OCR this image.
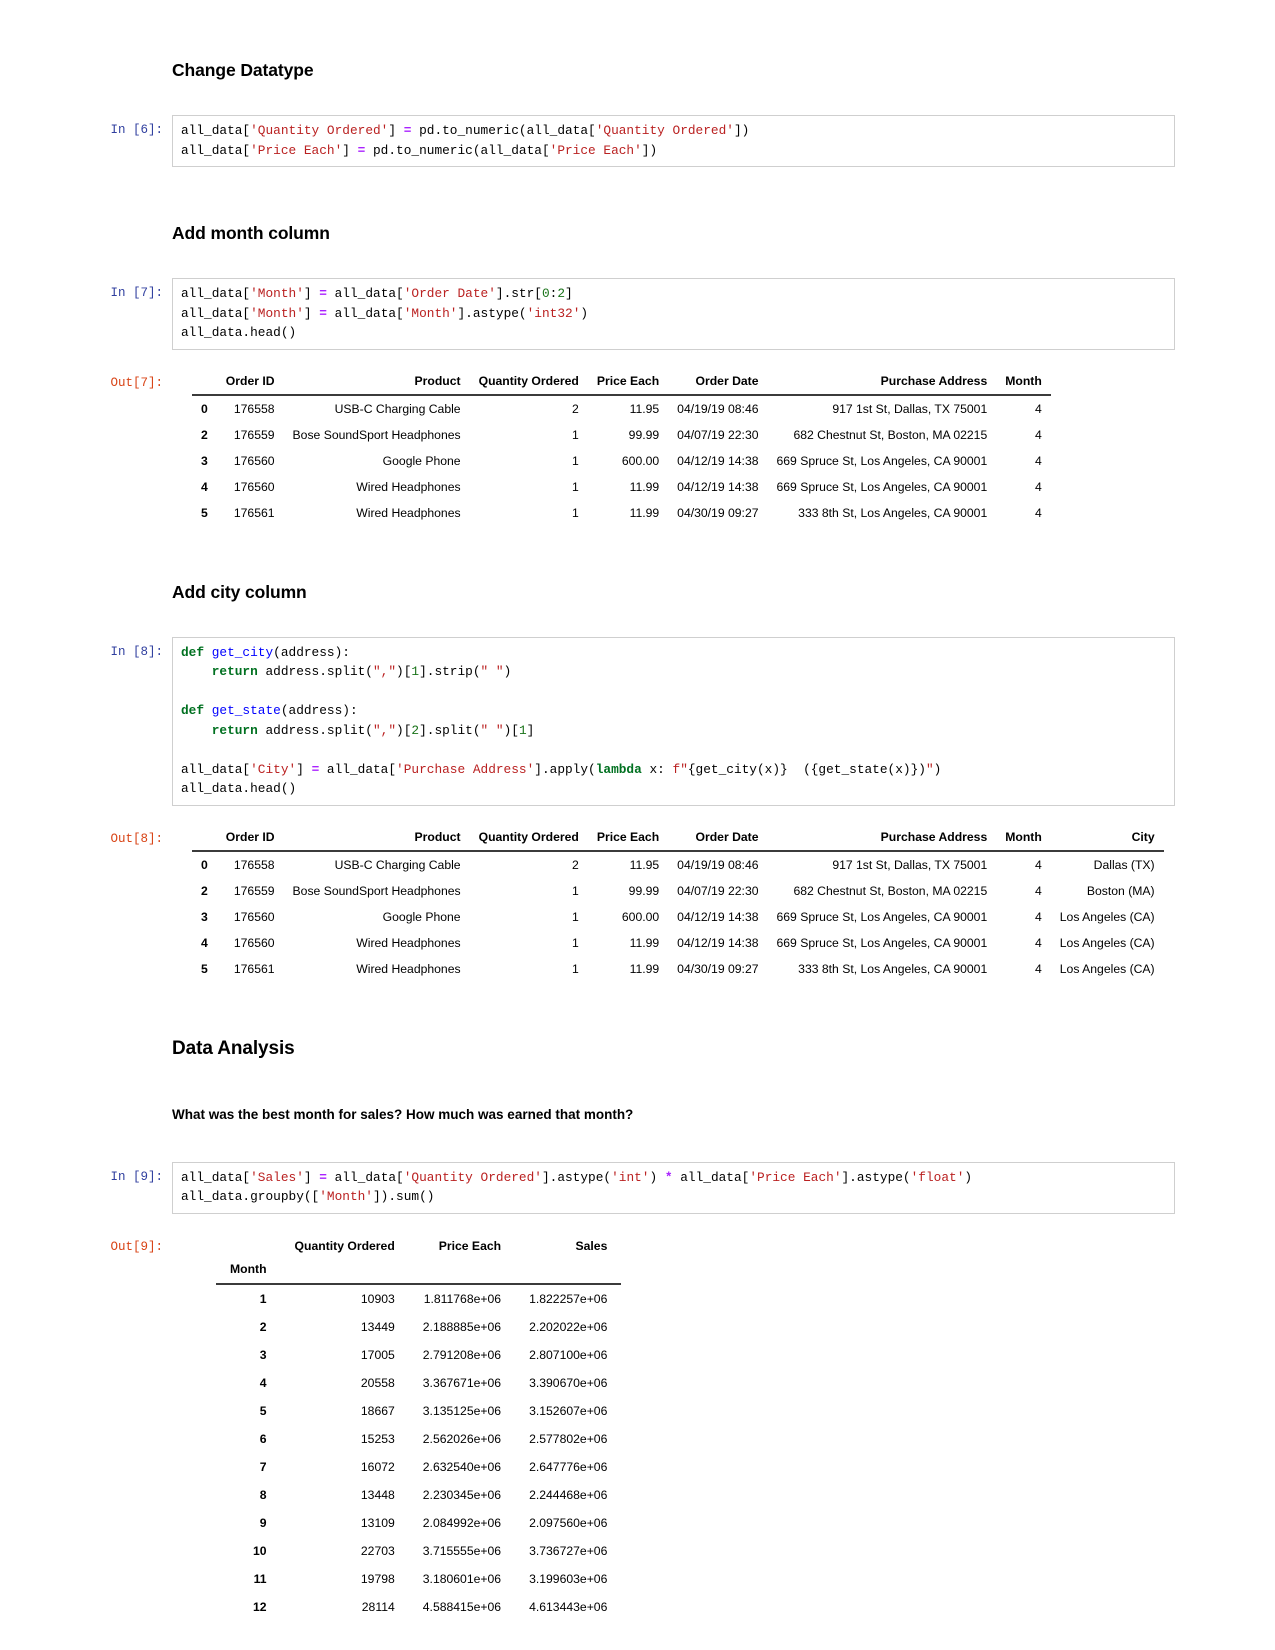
Change Datatype
In [6]:	all_data['Quantity Ordered'] = pd.to_numeric(all_data['Quantity Ordered'])
all_data['Price Each'] = pd.to_numeric(all_data['Price Each'])

Add month column
In [7]:	all_data['Month'] = all_data['Order Date'].str[0:2]
all_data['Month'] = all_data['Month'].astype('int32')
all_data.head()
Out[7]:
		Order ID	Product	Quantity Ordered	Price Each	Order Date	Purchase Address	Month
0	176558	USB-C Charging Cable	2	11.95	04/19/19 08:46	917 1st St, Dallas, TX 75001	4
2	176559	Bose SoundSport Headphones	1	99.99	04/07/19 22:30	682 Chestnut St, Boston, MA 02215	4
3	176560	Google Phone	1	600.00	04/12/19 14:38	669 Spruce St, Los Angeles, CA 90001	4
4	176560	Wired Headphones	1	11.99	04/12/19 14:38	669 Spruce St, Los Angeles, CA 90001	4
5	176561	Wired Headphones	1	11.99	04/30/19 09:27	333 8th St, Los Angeles, CA 90001	4

Add city column
In [8]:	def get_city(address):
return address.split(",")[1].strip(" ")

def get_state(address):
return address.split(",")[2].split(" ")[1]

all_data['City'] = all_data['Purchase Address'].apply(lambda x: f"{get_city(x)}  ({get_state(x)})")
all_data.head()
Out[8]:
		Order ID	Product	Quantity Ordered	Price Each	Order Date	Purchase Address	Month	City
0	176558	USB-C Charging Cable	2	11.95	04/19/19 08:46	917 1st St, Dallas, TX 75001	4	Dallas (TX)
2	176559	Bose SoundSport Headphones	1	99.99	04/07/19 22:30	682 Chestnut St, Boston, MA 02215	4	Boston (MA)
3	176560	Google Phone	1	600.00	04/12/19 14:38	669 Spruce St, Los Angeles, CA 90001	4	Los Angeles (CA)
4	176560	Wired Headphones	1	11.99	04/12/19 14:38	669 Spruce St, Los Angeles, CA 90001	4	Los Angeles (CA)
5	176561	Wired Headphones	1	11.99	04/30/19 09:27	333 8th St, Los Angeles, CA 90001	4	Los Angeles (CA)

Data Analysis

What was the best month for sales? How much was earned that month?

In [9]:	all_data['Sales'] = all_data['Quantity Ordered'].astype('int') * all_data['Price Each'].astype('float')
all_data.groupby(['Month']).sum()
Out[9]:
		Quantity Ordered	Price Each	Sales
Month			
1	10903	1.811768e+06	1.822257e+06
2	13449	2.188885e+06	2.202022e+06
3	17005	2.791208e+06	2.807100e+06
4	20558	3.367671e+06	3.390670e+06
5	18667	3.135125e+06	3.152607e+06
6	15253	2.562026e+06	2.577802e+06
7	16072	2.632540e+06	2.647776e+06
8	13448	2.230345e+06	2.244468e+06
9	13109	2.084992e+06	2.097560e+06
10	22703	3.715555e+06	3.736727e+06
11	19798	3.180601e+06	3.199603e+06
12	28114	4.588415e+06	4.613443e+06
